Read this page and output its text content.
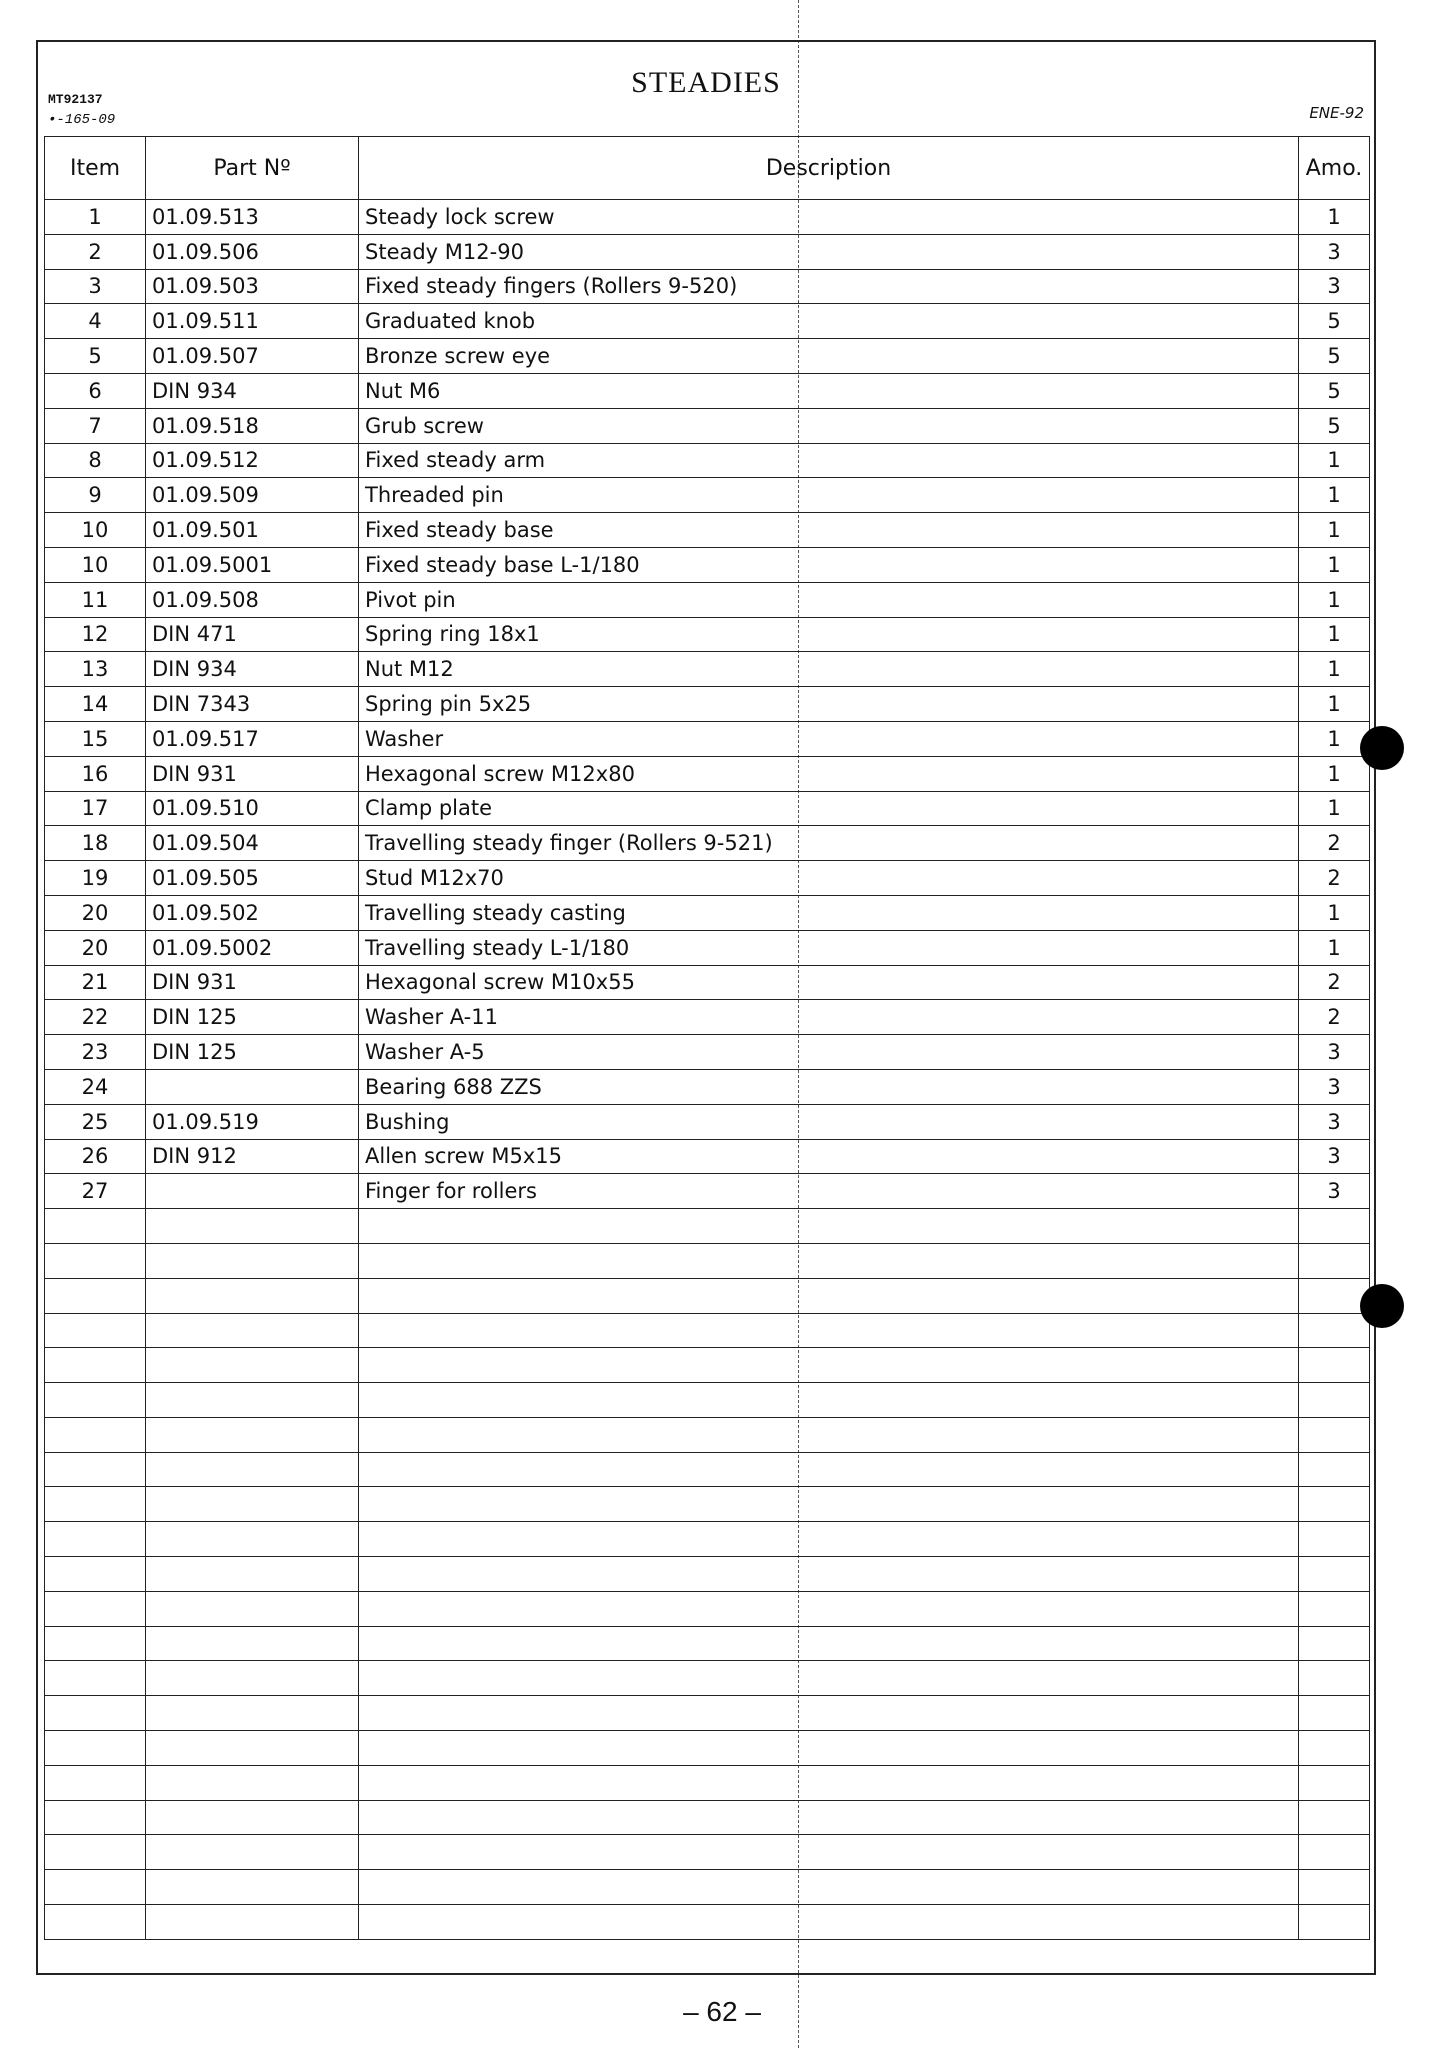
MT92137
•-165-09
STEADIES
ENE-92
Item	Part Nº	Description	Amo.
1	01.09.513	Steady lock screw	1
2	01.09.506	Steady M12-90	3
3	01.09.503	Fixed steady fingers (Rollers 9-520)	3
4	01.09.511	Graduated knob	5
5	01.09.507	Bronze screw eye	5
6	DIN 934	Nut M6	5
7	01.09.518	Grub screw	5
8	01.09.512	Fixed steady arm	1
9	01.09.509	Threaded pin	1
10	01.09.501	Fixed steady base	1
10	01.09.5001	Fixed steady base L-1/180	1
11	01.09.508	Pivot pin	1
12	DIN 471	Spring ring 18x1	1
13	DIN 934	Nut M12	1
14	DIN 7343	Spring pin 5x25	1
15	01.09.517	Washer	1
16	DIN 931	Hexagonal screw M12x80	1
17	01.09.510	Clamp plate	1
18	01.09.504	Travelling steady finger (Rollers 9-521)	2
19	01.09.505	Stud M12x70	2
20	01.09.502	Travelling steady casting	1
20	01.09.5002	Travelling steady L-1/180	1
21	DIN 931	Hexagonal screw M10x55	2
22	DIN 125	Washer A-11	2
23	DIN 125	Washer A-5	3
24		Bearing 688 ZZS	3
25	01.09.519	Bushing	3
26	DIN 912	Allen screw M5x15	3
27		Finger for rollers	3

– 62 –
